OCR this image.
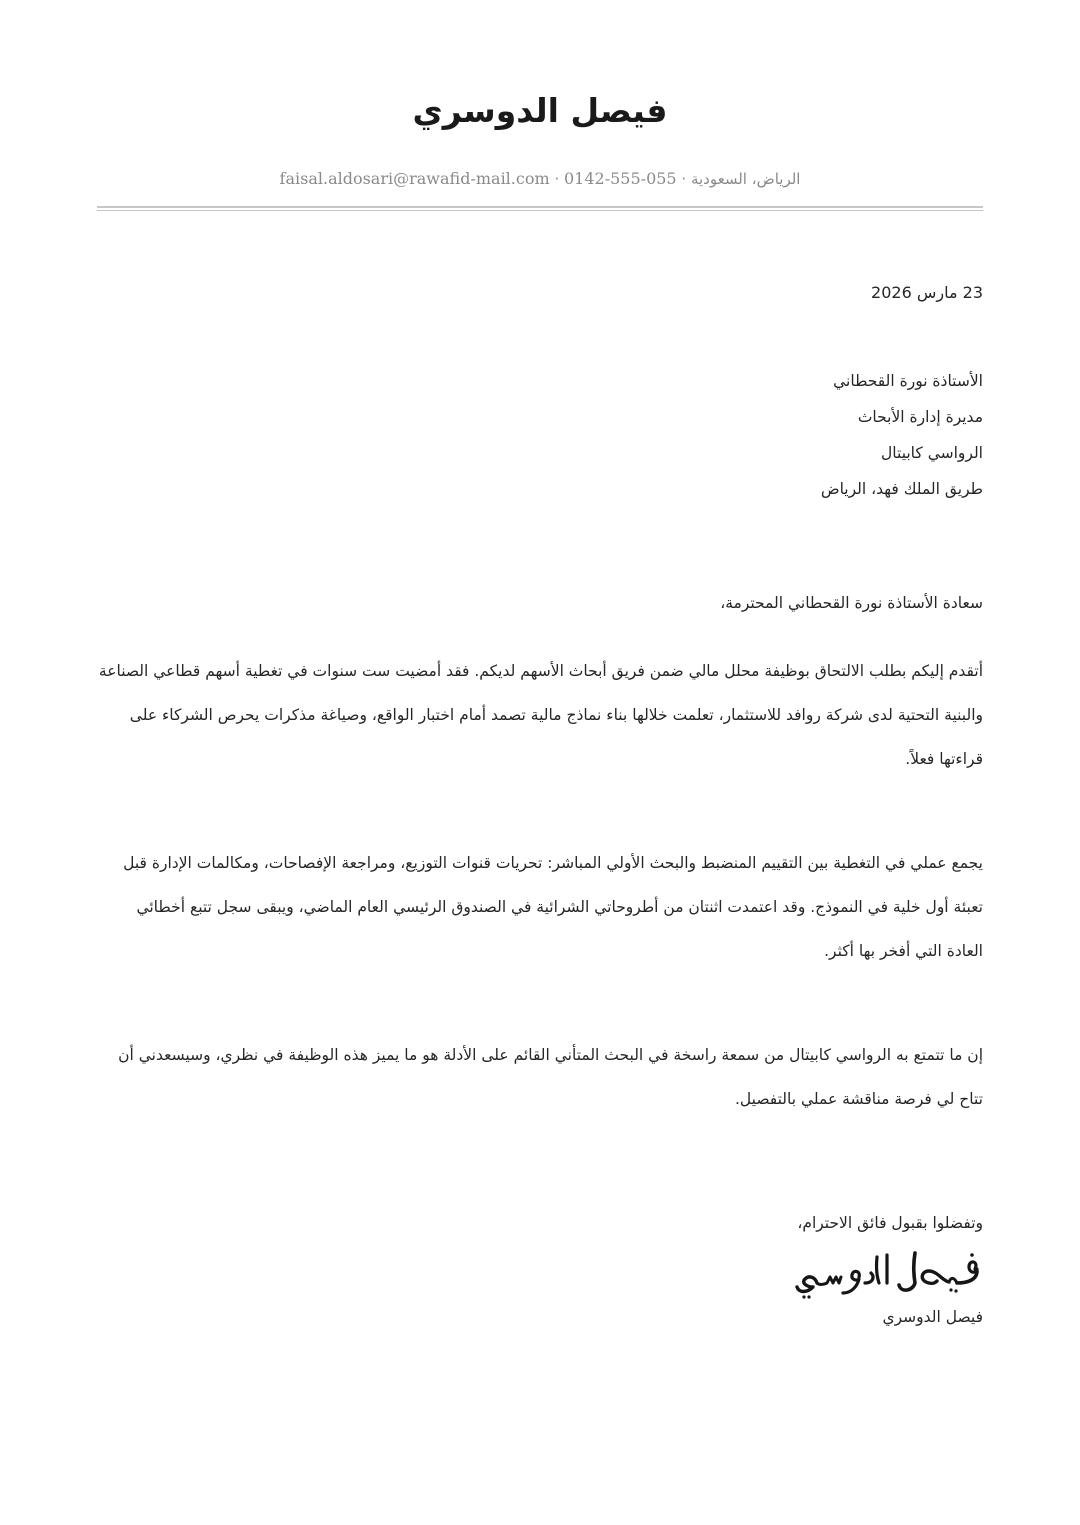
فيصل الدوسري
الرياض، السعودية · 0142-555-055 · faisal.aldosari@rawafid-mail.com
23 مارس 2026
الأستاذة نورة القحطاني
مديرة إدارة الأبحاث
الرواسي كابيتال
طريق الملك فهد، الرياض

سعادة الأستاذة نورة القحطاني المحترمة،

أتقدم إليكم بطلب الالتحاق بوظيفة محلل مالي ضمن فريق أبحاث الأسهم لديكم. فقد أمضيت ست سنوات في تغطية أسهم قطاعي الصناعة والبنية التحتية لدى شركة روافد للاستثمار، تعلمت خلالها بناء نماذج مالية تصمد أمام اختبار الواقع، وصياغة مذكرات يحرص الشركاء على قراءتها فعلاً.

يجمع عملي في التغطية بين التقييم المنضبط والبحث الأولي المباشر: تحريات قنوات التوزيع، ومراجعة الإفصاحات، ومكالمات الإدارة قبل تعبئة أول خلية في النموذج. وقد اعتمدت اثنتان من أطروحاتي الشرائية في الصندوق الرئيسي العام الماضي، ويبقى سجل تتبع أخطائي العادة التي أفخر بها أكثر.

إن ما تتمتع به الرواسي كابيتال من سمعة راسخة في البحث المتأني القائم على الأدلة هو ما يميز هذه الوظيفة في نظري، وسيسعدني أن تتاح لي فرصة مناقشة عملي بالتفصيل.

وتفضلوا بقبول فائق الاحترام،

فيصل الدوسري
